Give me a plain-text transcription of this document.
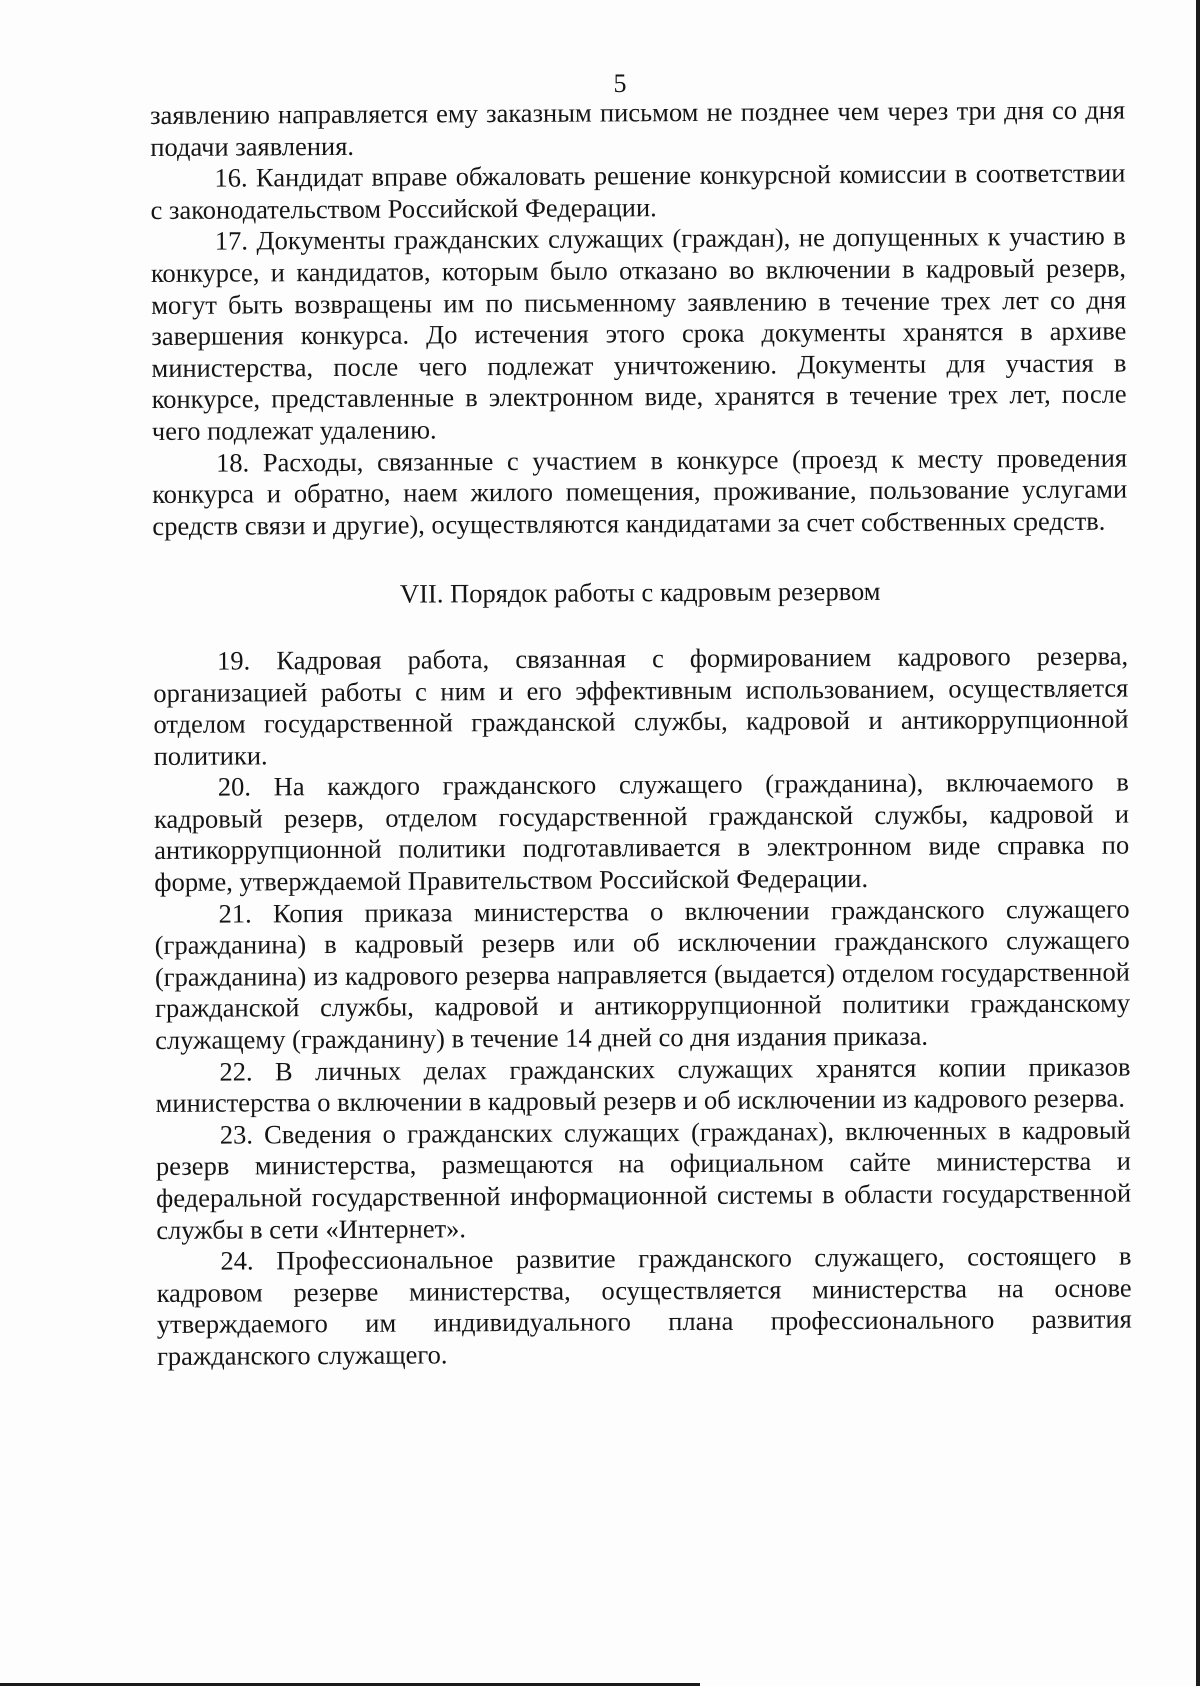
5

заявлению направляется ему заказным письмом не позднее чем через три дня со дня подачи заявления.

16. Кандидат вправе обжаловать решение конкурсной комиссии в соответствии с законодательством Российской Федерации.

17. Документы гражданских служащих (граждан), не допущенных к участию в конкурсе, и кандидатов, которым было отказано во включении в кадровый резерв, могут быть возвращены им по письменному заявлению в течение трех лет со дня завершения конкурса. До истечения этого срока документы хранятся в архиве министерства, после чего подлежат уничтожению. Документы для участия в конкурсе, представленные в электронном виде, хранятся в течение трех лет, после чего подлежат удалению.

18. Расходы, связанные с участием в конкурсе (проезд к месту проведения конкурса и обратно, наем жилого помещения, проживание, пользование услугами средств связи и другие), осуществляются кандидатами за счет собственных средств.

VII. Порядок работы с кадровым резервом

19. Кадровая работа, связанная с формированием кадрового резерва, организацией работы с ним и его эффективным использованием, осуществляется отделом государственной гражданской службы, кадровой и антикоррупционной политики.

20. На каждого гражданского служащего (гражданина), включаемого в кадровый резерв, отделом государственной гражданской службы, кадровой и антикоррупционной политики подготавливается в электронном виде справка по форме, утверждаемой Правительством Российской Федерации.

21. Копия приказа министерства о включении гражданского служащего (гражданина) в кадровый резерв или об исключении гражданского служащего (гражданина) из кадрового резерва направляется (выдается) отделом государственной гражданской службы, кадровой и антикоррупционной политики гражданскому служащему (гражданину) в течение 14 дней со дня издания приказа.

22. В личных делах гражданских служащих хранятся копии приказов министерства о включении в кадровый резерв и об исключении из кадрового резерва.

23. Сведения о гражданских служащих (гражданах), включенных в кадровый резерв министерства, размещаются на официальном сайте министерства и федеральной государственной информационной системы в области государственной службы в сети «Интернет».

24. Профессиональное развитие гражданского служащего, состоящего в кадровом резерве министерства, осуществляется министерства на основе утверждаемого им индивидуального плана профессионального развития гражданского служащего.
